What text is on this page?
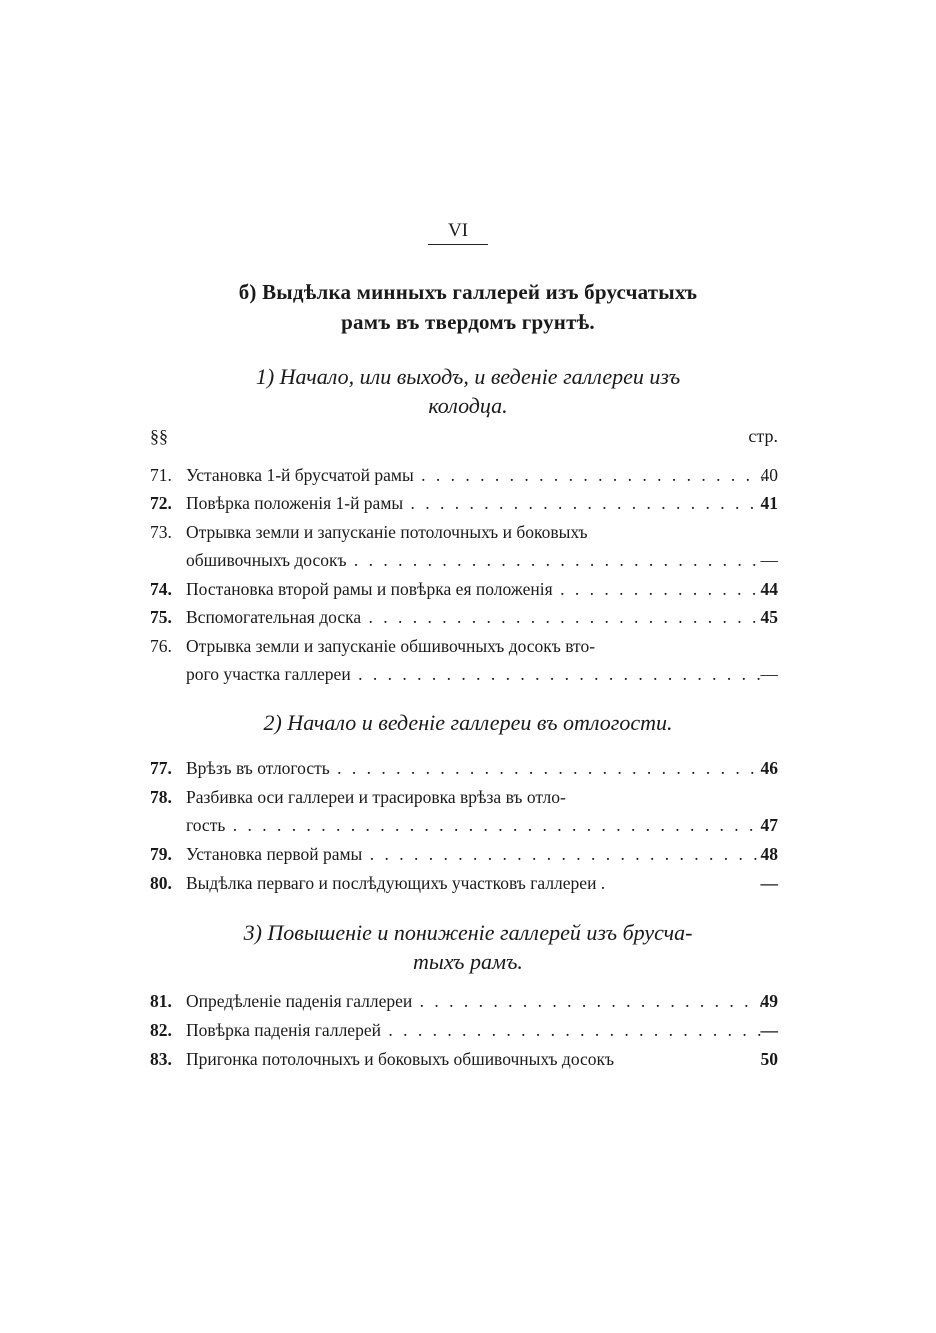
VI
б) Выдѣлка минныхъ галлерей изъ брусчатыхъ
рамъ въ твердомъ грунтѣ.
1) Начало, или выходъ, и веденіе галлереи изъ
колодца.
§§	стр.
71. Установка 1-й брусчатой рамы . . .	40
72. Повѣрка положенія 1-й рамы . . .	41
73. Отрывка земли и запусканіе потолочныхъ и боковыхъ
обшивочныхъ досокъ . . .	—
74. Постановка второй рамы и повѣрка ея положенія . . .	44
75. Вспомогательная доска . . .	45
76. Отрывка земли и запусканіе обшивочныхъ досокъ вто-
рого участка галлереи . . .	—
2) Начало и веденіе галлереи въ отлогости.
77. Врѣзъ въ отлогость . . .	46
78. Разбивка оси галлереи и трасировка врѣза въ отло-
гость . . .	47
79. Установка первой рамы . . .	48
80. Выдѣлка перваго и послѣдующихъ участковъ галлереи .	—
3) Повышеніе и пониженіе галлерей изъ брусча-
тыхъ рамъ.
81. Опредѣленіе паденія галлереи . . .	49
82. Повѣрка паденія галлерей . . .	—
83. Пригонка потолочныхъ и боковыхъ обшивочныхъ досокъ	50
